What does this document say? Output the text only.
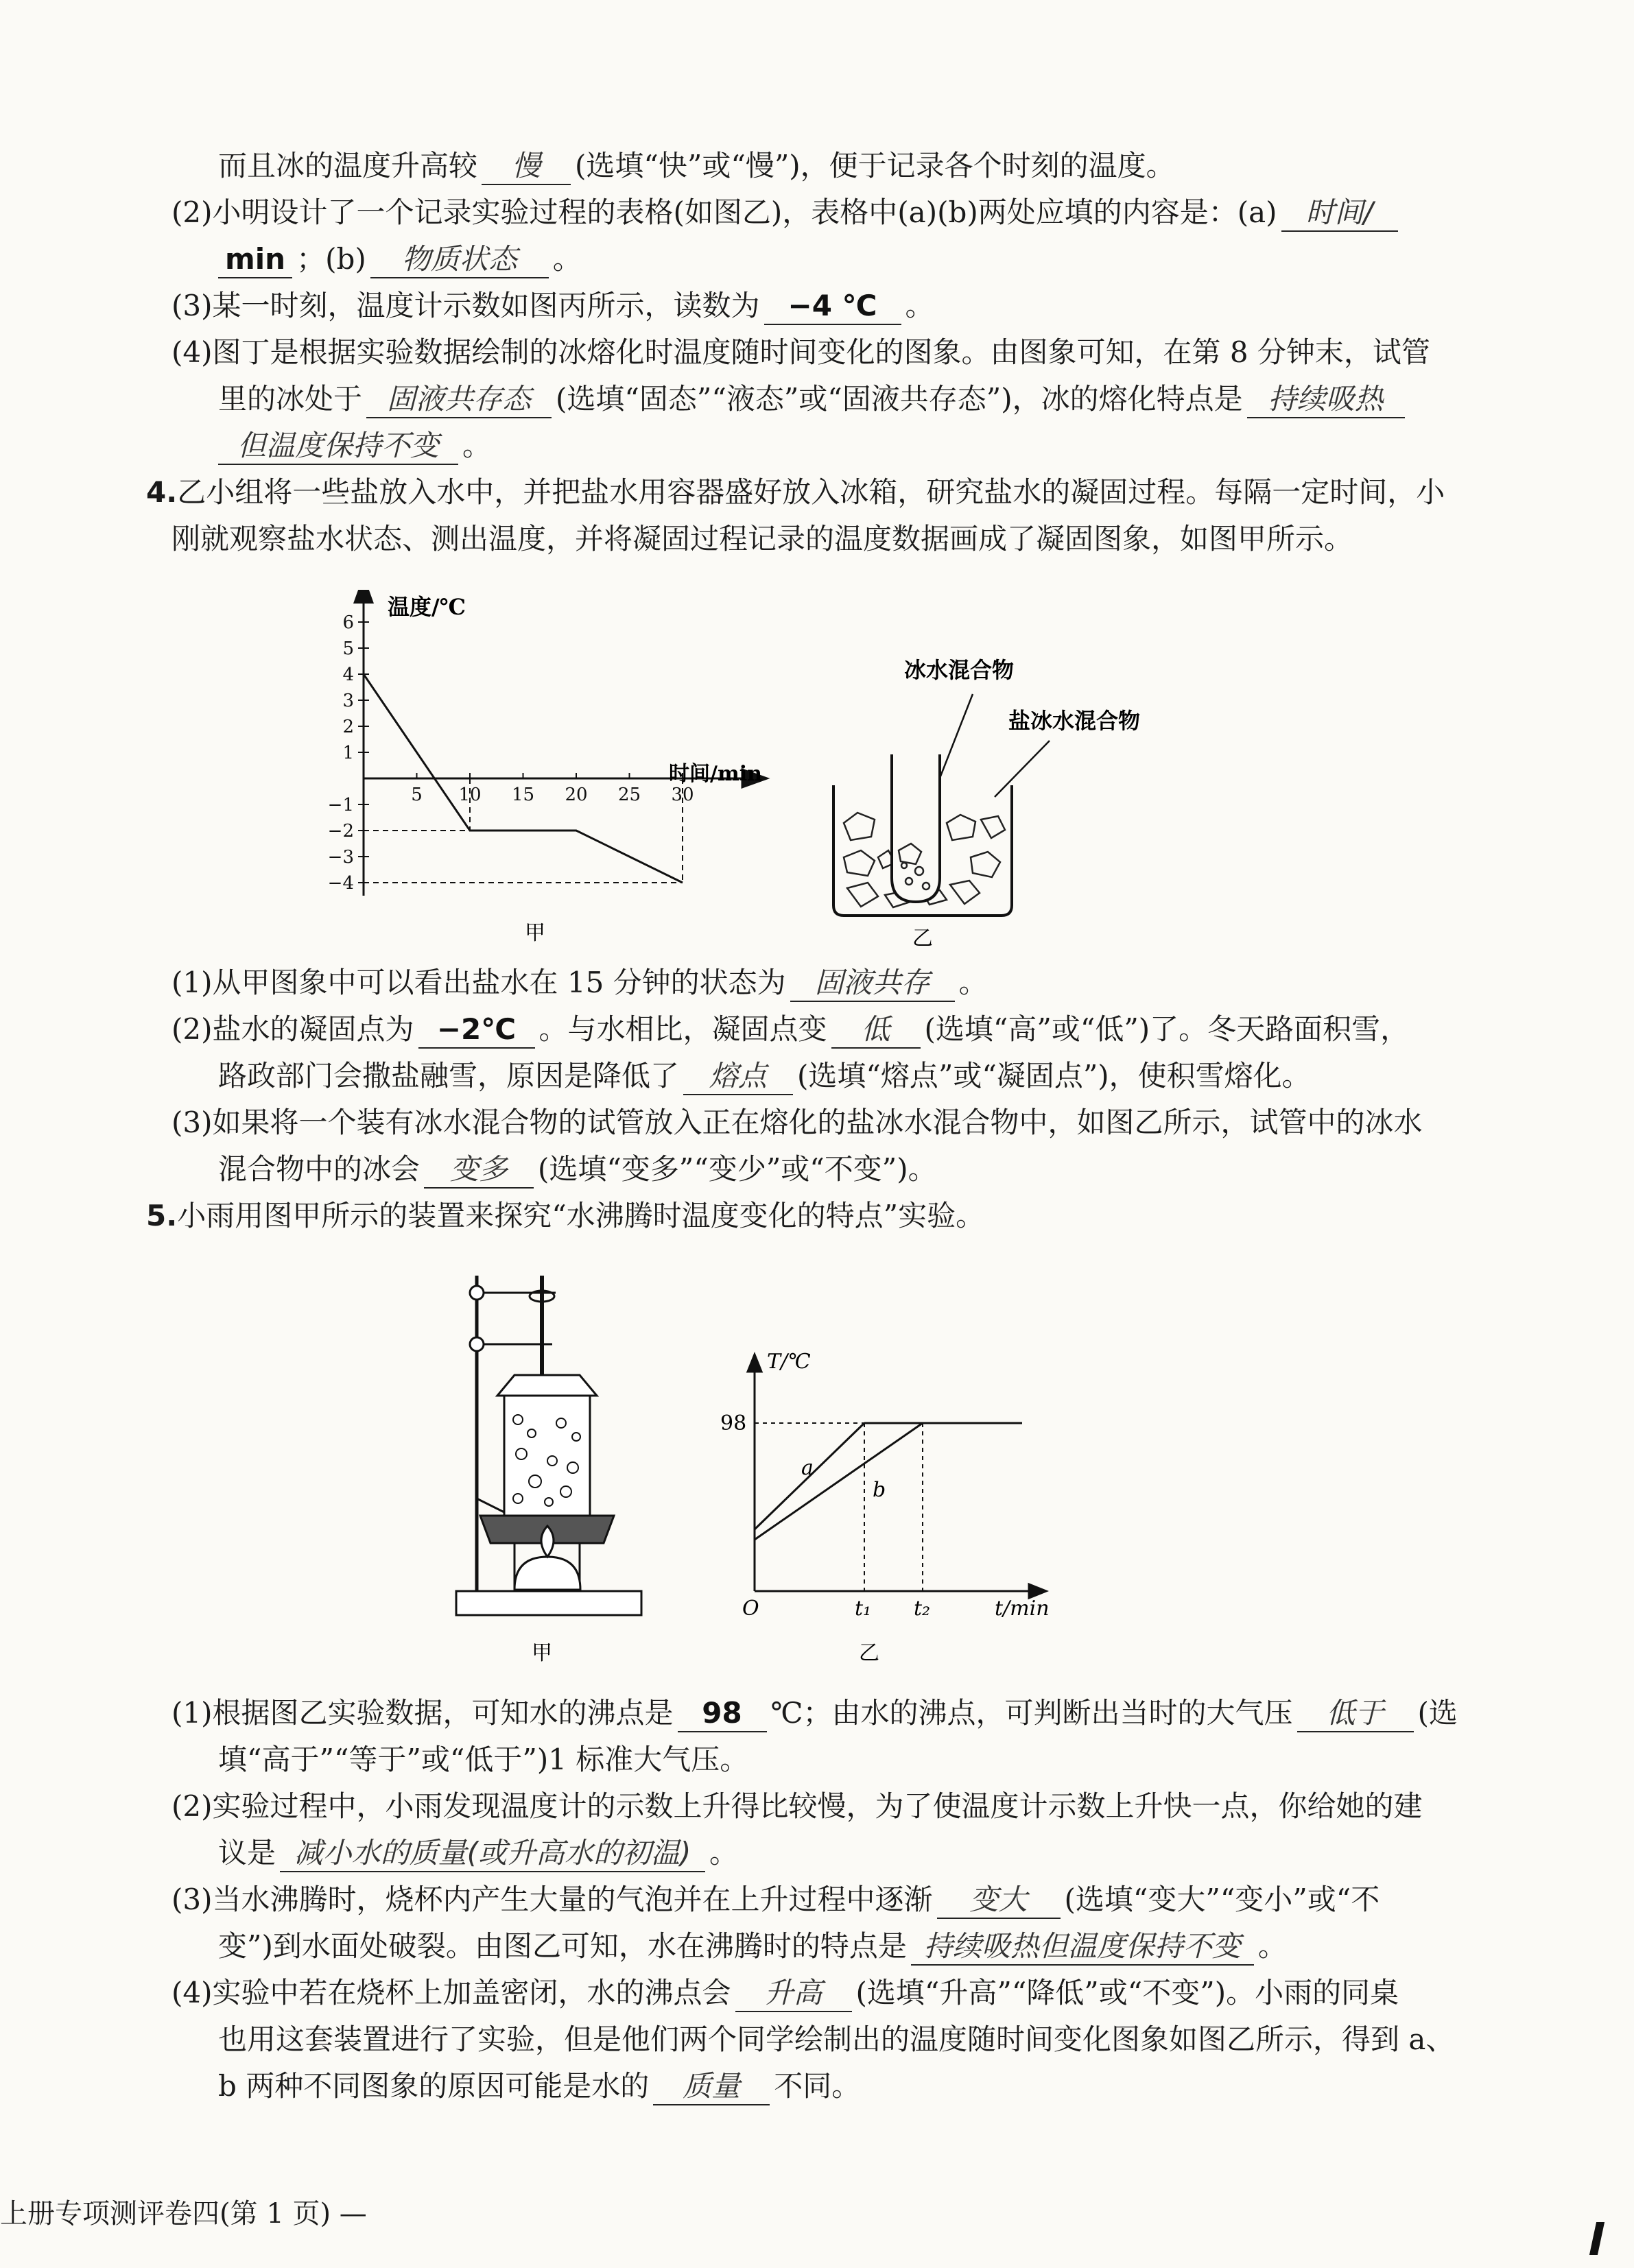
而且冰的温度升高较 慢 (选填“快”或“慢”)，便于记录各个时刻的温度。
(2)小明设计了一个记录实验过程的表格(如图乙)，表格中(a)(b)两处应填的内容是：(a) 时间/
min ；(b) 物质状态 。
(3)某一时刻，温度计示数如图丙所示，读数为 −4 ℃ 。
(4)图丁是根据实验数据绘制的冰熔化时温度随时间变化的图象。由图象可知，在第 8 分钟末，试管
里的冰处于 固液共存态 (选填“固态”“液态”或“固液共存态”)，冰的熔化特点是 持续吸热
但温度保持不变 。
4.乙小组将一些盐放入水中，并把盐水用容器盛好放入冰箱，研究盐水的凝固过程。每隔一定时间，小
刚就观察盐水状态、测出温度，并将凝固过程记录的温度数据画成了凝固图象，如图甲所示。
6
5
4
3
2
1
−1
−2
−3
−4
5 10 15 20 25 30
温度/℃
时间/min
甲
冰水混合物
盐冰水混合物
乙
(1)从甲图象中可以看出盐水在 15 分钟的状态为 固液共存 。
(2)盐水的凝固点为 −2℃ 。与水相比，凝固点变 低 (选填“高”或“低”)了。冬天路面积雪，
路政部门会撒盐融雪，原因是降低了 熔点 (选填“熔点”或“凝固点”)，使积雪熔化。
(3)如果将一个装有冰水混合物的试管放入正在熔化的盐冰水混合物中，如图乙所示，试管中的冰水
混合物中的冰会 变多 (选填“变多”“变少”或“不变”)。
5.小雨用图甲所示的装置来探究“水沸腾时温度变化的特点”实验。
甲
T/℃
98
a
b
O	t₁ t₂	t/min
乙
(1)根据图乙实验数据，可知水的沸点是 98 ℃；由水的沸点，可判断出当时的大气压 低于 (选
填“高于”“等于”或“低于”)1 标准大气压。
(2)实验过程中，小雨发现温度计的示数上升得比较慢，为了使温度计示数上升快一点，你给她的建
议是 减小水的质量(或升高水的初温) 。
(3)当水沸腾时，烧杯内产生大量的气泡并在上升过程中逐渐 变大 (选填“变大”“变小”或“不
变”)到水面处破裂。由图乙可知，水在沸腾时的特点是 持续吸热但温度保持不变 。
(4)实验中若在烧杯上加盖密闭，水的沸点会 升高 (选填“升高”“降低”或“不变”)。小雨的同桌
也用这套装置进行了实验，但是他们两个同学绘制出的温度随时间变化图象如图乙所示，得到 a、
b 两种不同图象的原因可能是水的 质量 不同。
上册专项测评卷四(第 1 页) —
